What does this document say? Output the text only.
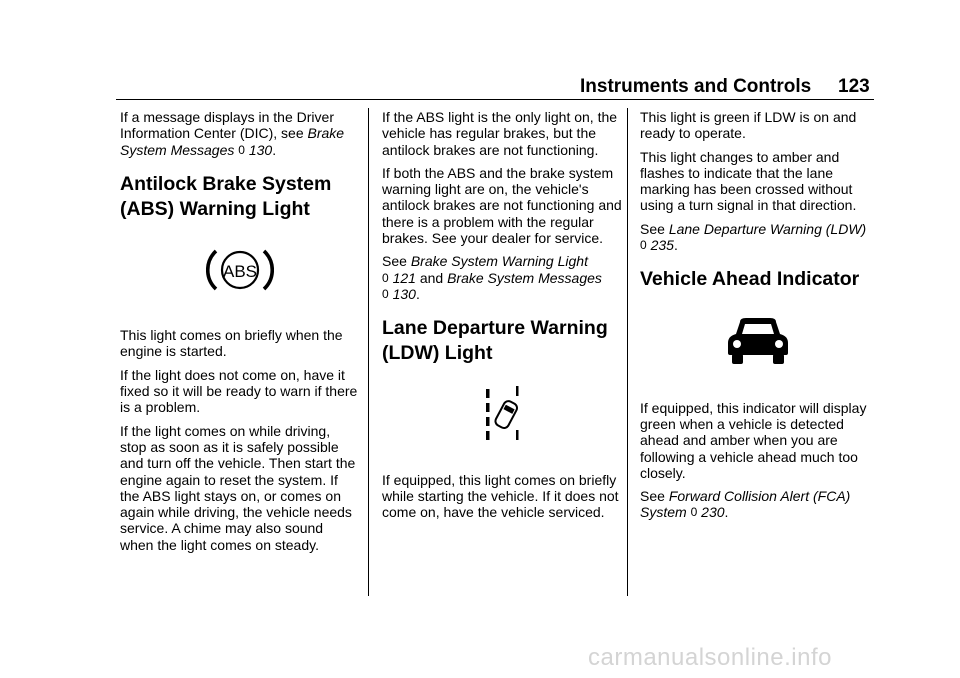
Instruments and Controls 123

If a message displays in the Driver Information Center (DIC), see Brake System Messages 0 130.

Antilock Brake System (ABS) Warning Light
ABS

This light comes on briefly when the engine is started.

If the light does not come on, have it fixed so it will be ready to warn if there is a problem.

If the light comes on while driving, stop as soon as it is safely possible and turn off the vehicle. Then start the engine again to reset the system. If the ABS light stays on, or comes on again while driving, the vehicle needs service. A chime may also sound when the light comes on steady.

If the ABS light is the only light on, the vehicle has regular brakes, but the antilock brakes are not functioning.

If both the ABS and the brake system warning light are on, the vehicle's antilock brakes are not functioning and there is a problem with the regular brakes. See your dealer for service.

See Brake System Warning Light
0 121 and Brake System Messages
0 130.

Lane Departure Warning (LDW) Light

If equipped, this light comes on briefly while starting the vehicle. If it does not come on, have the vehicle serviced.

This light is green if LDW is on and ready to operate.

This light changes to amber and flashes to indicate that the lane marking has been crossed without using a turn signal in that direction.

See Lane Departure Warning (LDW)
0 235.

Vehicle Ahead Indicator

If equipped, this indicator will display green when a vehicle is detected ahead and amber when you are following a vehicle ahead much too closely.

See Forward Collision Alert (FCA) System 0 230.

carmanualsonline.info
